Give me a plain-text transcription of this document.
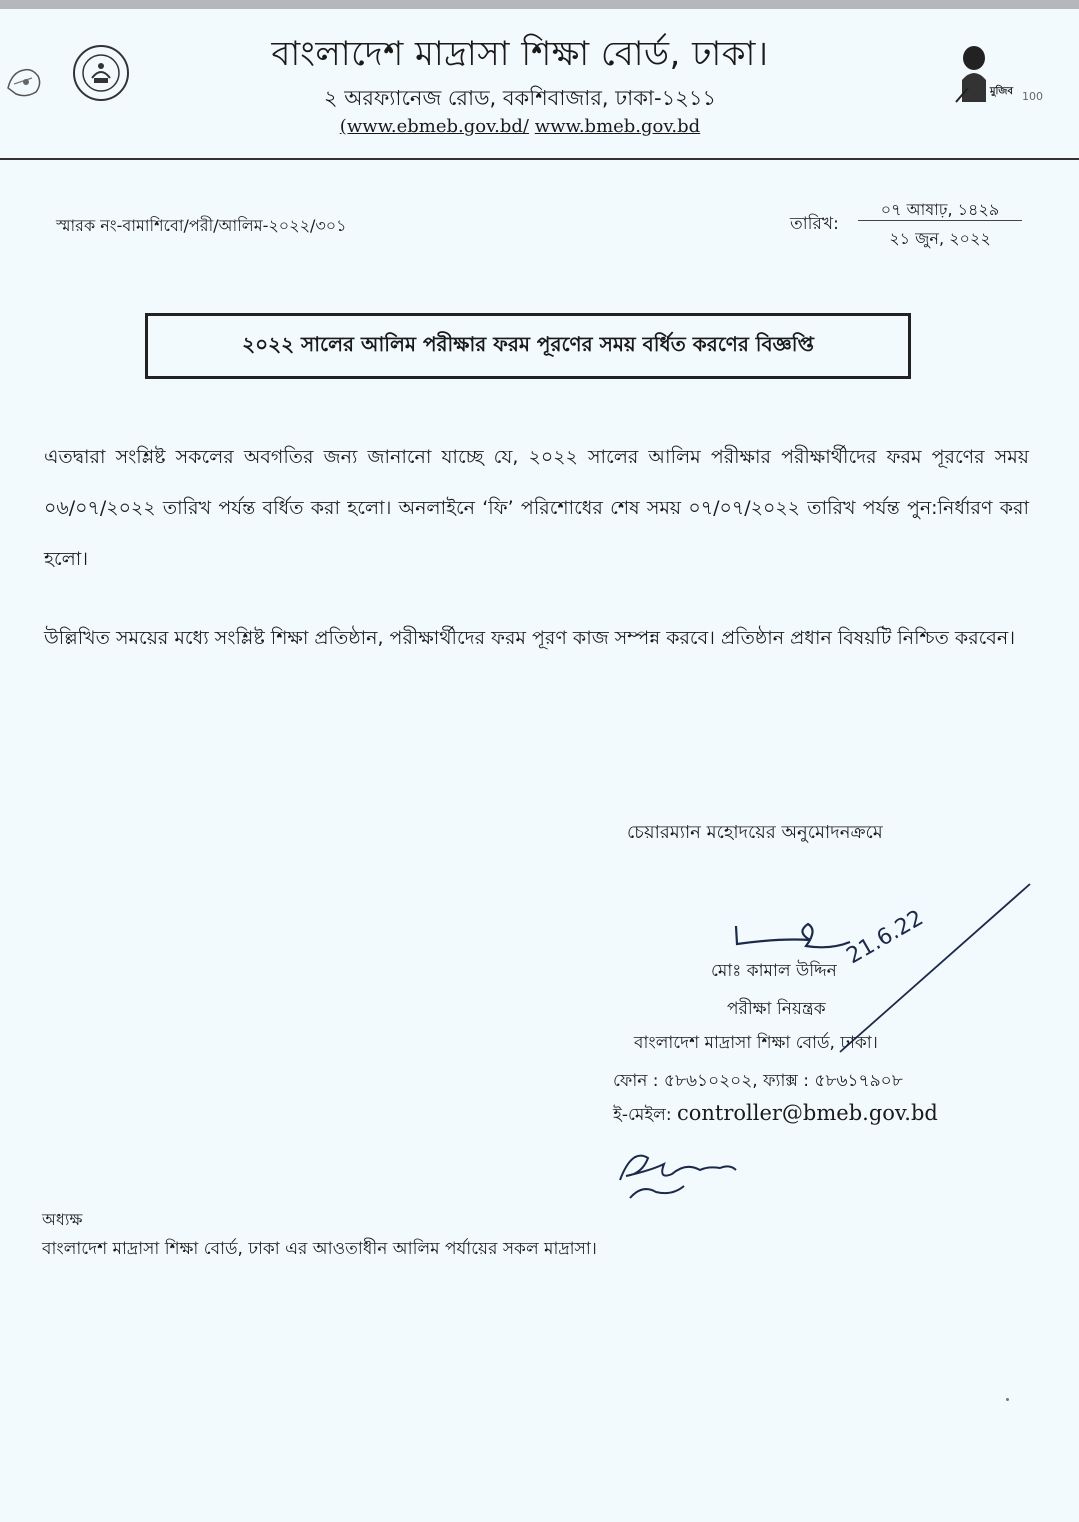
মুজিব 100
বাংলাদেশ মাদ্রাসা শিক্ষা বোর্ড, ঢাকা।
২ অরফ্যানেজ রোড, বকশিবাজার, ঢাকা-১২১১
(www.ebmeb.gov.bd/ www.bmeb.gov.bd
স্মারক নং-বামাশিবো/পরী/আলিম-২০২২/৩০১	তারিখ:
০৭ আষাঢ়, ১৪২৯
২১ জুন, ২০২২
২০২২ সালের আলিম পরীক্ষার ফরম পূরণের সময় বর্ধিত করণের বিজ্ঞপ্তি
এতদ্বারা সংশ্লিষ্ট সকলের অবগতির জন্য জানানো যাচ্ছে যে, ২০২২ সালের আলিম পরীক্ষার পরীক্ষার্থীদের ফরম পূরণের সময় ০৬/০৭/২০২২ তারিখ পর্যন্ত বর্ধিত করা হলো। অনলাইনে ‘ফি’ পরিশোধের শেষ সময় ০৭/০৭/২০২২ তারিখ পর্যন্ত পুন:নির্ধারণ করা হলো।
উল্লিখিত সময়ের মধ্যে সংশ্লিষ্ট শিক্ষা প্রতিষ্ঠান, পরীক্ষার্থীদের ফরম পূরণ কাজ সম্পন্ন করবে। প্রতিষ্ঠান প্রধান বিষয়টি নিশ্চিত করবেন।
চেয়ারম্যান মহোদয়ের অনুমোদনক্রমে
21.6.22
মোঃ কামাল উদ্দিন
পরীক্ষা নিয়ন্ত্রক
বাংলাদেশ মাদ্রাসা শিক্ষা বোর্ড, ঢাকা।
ফোন : ৫৮৬১০২০২, ফ্যাক্স : ৫৮৬১৭৯০৮
ই-মেইল: controller@bmeb.gov.bd
অধ্যক্ষ
বাংলাদেশ মাদ্রাসা শিক্ষা বোর্ড, ঢাকা এর আওতাধীন আলিম পর্যায়ের সকল মাদ্রাসা।
